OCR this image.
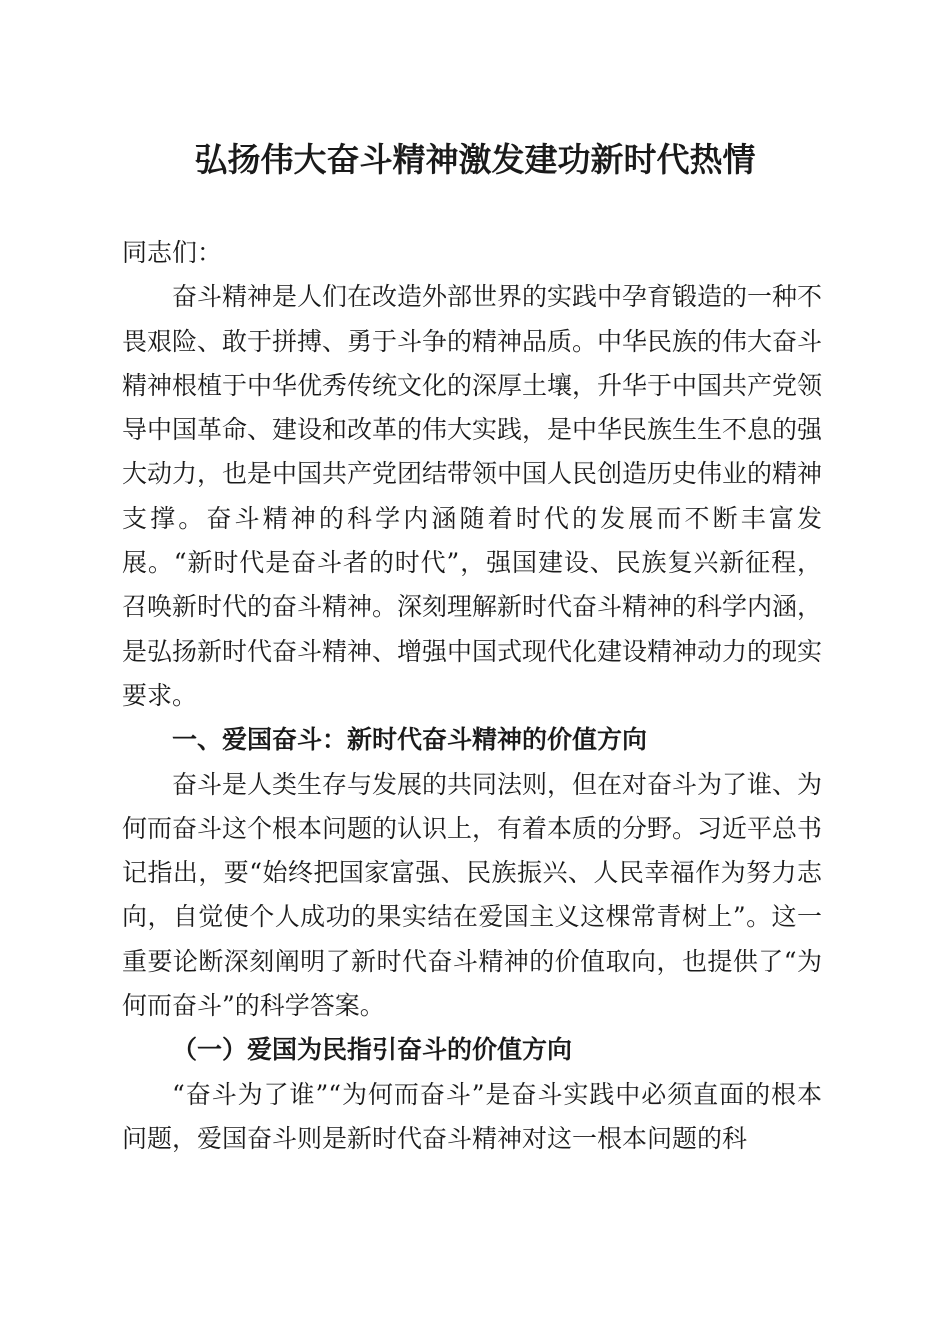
弘扬伟大奋斗精神激发建功新时代热情

同志们：

奋斗精神是人们在改造外部世界的实践中孕育锻造的一种不畏艰险、敢于拼搏、勇于斗争的精神品质。中华民族的伟大奋斗精神根植于中华优秀传统文化的深厚土壤，升华于中国共产党领导中国革命、建设和改革的伟大实践，是中华民族生生不息的强大动力，也是中国共产党团结带领中国人民创造历史伟业的精神支撑。奋斗精神的科学内涵随着时代的发展而不断丰富发展。“新时代是奋斗者的时代”，强国建设、民族复兴新征程，召唤新时代的奋斗精神。深刻理解新时代奋斗精神的科学内涵，是弘扬新时代奋斗精神、增强中国式现代化建设精神动力的现实要求。

一、爱国奋斗：新时代奋斗精神的价值方向

奋斗是人类生存与发展的共同法则，但在对奋斗为了谁、为何而奋斗这个根本问题的认识上，有着本质的分野。习近平总书记指出，要“始终把国家富强、民族振兴、人民幸福作为努力志向，自觉使个人成功的果实结在爱国主义这棵常青树上”。这一重要论断深刻阐明了新时代奋斗精神的价值取向，也提供了“为何而奋斗”的科学答案。

（一）爱国为民指引奋斗的价值方向

“奋斗为了谁”“为何而奋斗”是奋斗实践中必须直面的根本问题，爱国奋斗则是新时代奋斗精神对这一根本问题的科
